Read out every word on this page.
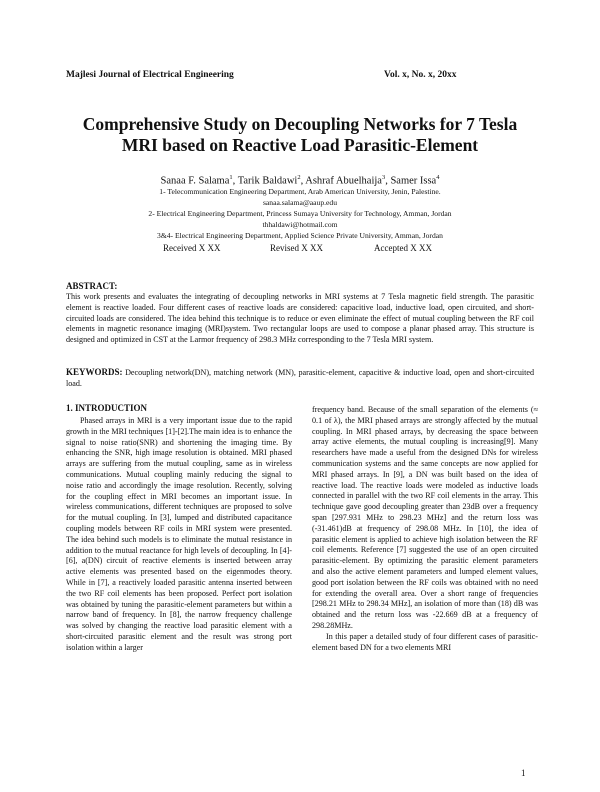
Majlesi Journal of Electrical Engineering	Vol. x, No. x, 20xx
Comprehensive Study on Decoupling Networks for 7 Tesla
MRI based on Reactive Load Parasitic-Element
Sanaa F. Salama$^1$, Tarik Baldawi$^2$, Ashraf Abuelhaija$^3$, Samer Issa$^4$
1- Telecommunication Engineering Department, Arab American University, Jenin, Palestine.
sanaa.salama@aaup.edu
2- Electrical Engineering Department, Princess Sumaya University for Technology, Amman, Jordan
thhaldawi@hotmail.com
3&4- Electrical Engineering Department, Applied Science Private University, Amman, Jordan
Received X XX	Revised X XX	Accepted X XX
ABSTRACT:
This work presents and evaluates the integrating of decoupling networks in MRI systems at 7 Tesla magnetic field strength. The parasitic element is reactive loaded. Four different cases of reactive loads are considered: capacitive load, inductive load, open circuited, and short-circuited loads are considered. The idea behind this technique is to reduce or even eliminate the effect of mutual coupling between the RF coil elements in magnetic resonance imaging (MRI)system. Two rectangular loops are used to compose a planar phased array. This structure is designed and optimized in CST at the Larmor frequency of 298.3 MHz corresponding to the 7 Tesla MRI system.
KEYWORDS: Decoupling network(DN), matching network (MN), parasitic-element, capacitive & inductive load, open and short-circuited load.
1. INTRODUCTION

Phased arrays in MRI is a very important issue due to the rapid growth in the MRI techniques [1]-[2].The main idea is to enhance the signal to noise ratio(SNR) and shortening the imaging time. By enhancing the SNR, high image resolution is obtained. MRI phased arrays are suffering from the mutual coupling, same as in wireless communications. Mutual coupling mainly reducing the signal to noise ratio and accordingly the image resolution. Recently, solving for the coupling effect in MRI becomes an important issue. In wireless communications, different techniques are proposed to solve for the mutual coupling. In [3], lumped and distributed capacitance coupling models between RF coils in MRI system were presented. The idea behind such models is to eliminate the mutual resistance in addition to the mutual reactance for high levels of decoupling. In [4]-[6], a(DN) circuit of reactive elements is inserted between array active elements was presented based on the eigenmodes theory. While in [7], a reactively loaded parasitic antenna inserted between the two RF coil elements has been proposed. Perfect port isolation was obtained by tuning the parasitic-element parameters but within a narrow band of frequency. In [8], the narrow frequency challenge was solved by changing the reactive load parasitic element with a short-circuited parasitic element and the result was strong port isolation within a larger

frequency band. Because of the small separation of the elements (≈ 0.1 of λ), the MRI phased arrays are strongly affected by the mutual coupling. In MRI phased arrays, by decreasing the space between array active elements, the mutual coupling is increasing[9]. Many researchers have made a useful from the designed DNs for wireless communication systems and the same concepts are now applied for MRI phased arrays. In [9], a DN was built based on the idea of reactive load. The reactive loads were modeled as inductive loads connected in parallel with the two RF coil elements in the array. This technique gave good decoupling greater than 23dB over a frequency span [297.931 MHz to 298.23 MHz] and the return loss was (-31.461)dB at frequency of 298.08 MHz. In [10], the idea of parasitic element is applied to achieve high isolation between the RF coil elements. Reference [7] suggested the use of an open circuited parasitic-element. By optimizing the parasitic element parameters and also the active element parameters and lumped element values, good port isolation between the RF coils was obtained with no need for extending the overall area. Over a short range of frequencies [298.21 MHz to 298.34 MHz], an isolation of more than (18) dB was obtained and the return loss was -22.669 dB at a frequency of 298.28MHz.

In this paper a detailed study of four different cases of parasitic-element based DN for a two elements MRI

1
